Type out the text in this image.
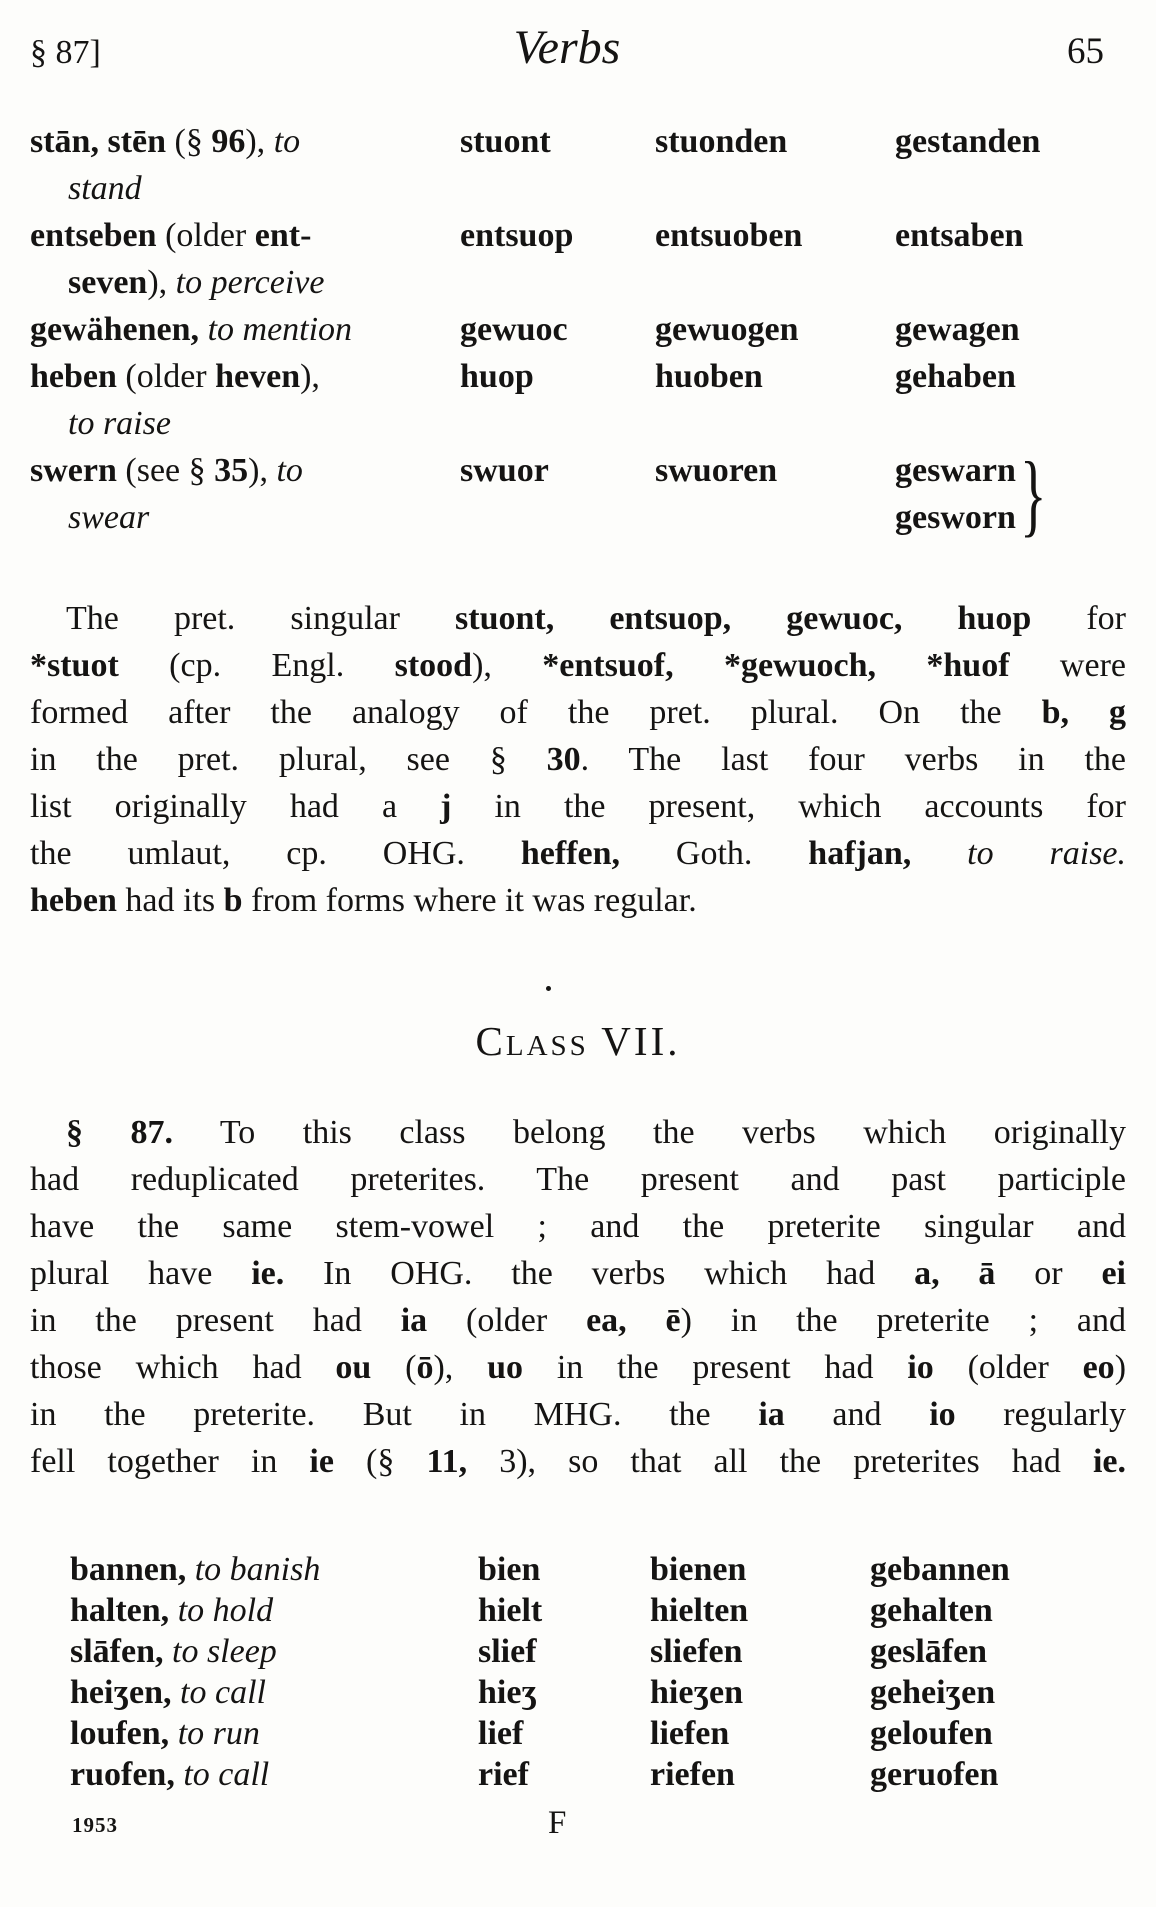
§ 87]	Verbs	65
stān, stēn (§ 96), to
stand
stuont	stuonden	gestanden
entseben (older ent-
seven), to perceive
entsuop	entsuoben	entsaben
gewähenen, to mention	gewuoc	gewuogen	gewagen
heben (older heven),
to raise
huop	huoben	gehaben
swern (see § 35), to
swear
swuor	swuoren	geswarn
gesworn }
The pret. singular stuont, entsuop, gewuoc, huop for
*stuot (cp. Engl. stood), *entsuof, *gewuoch, *huof were
formed after the analogy of the pret. plural. On the b, g
in the pret. plural, see § 30. The last four verbs in the
list originally had a j in the present, which accounts for
the umlaut, cp. OHG. heffen, Goth. hafjan, to raise.
heben had its b from forms where it was regular.
Class VII.
§ 87. To this class belong the verbs which originally
had reduplicated preterites. The present and past participle
have the same stem-vowel ; and the preterite singular and
plural have ie. In OHG. the verbs which had a, ā or ei
in the present had ia (older ea, ē) in the preterite ; and
those which had ou (ō), uo in the present had io (older eo)
in the preterite. But in MHG. the ia and io regularly
fell together in ie (§ 11, 3), so that all the preterites had ie.
bannen, to banish	bien	bienen	gebannen
halten, to hold	hielt	hielten	gehalten
slāfen, to sleep	slief	sliefen	geslāfen
heiʒen, to call	hieʒ	hieʒen	geheiʒen
loufen, to run	lief	liefen	geloufen
ruofen, to call	rief	riefen	geruofen
1953	F
